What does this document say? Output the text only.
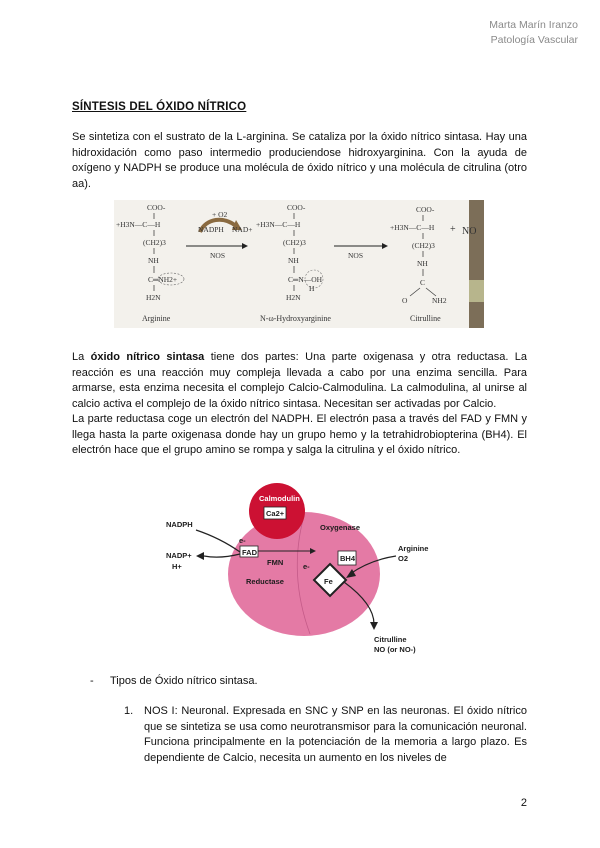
Marta Marín Iranzo
Patología Vascular
SÍNTESIS DEL ÓXIDO NÍTRICO
Se sintetiza con el sustrato de la L-arginina. Se cataliza por la óxido nítrico sintasa. Hay una hidroxidación como paso intermedio produciendose hidroxyarginina. Con la ayuda de oxígeno y NADPH se produce una molécula de óxido nítrico y una molécula de citrulina (otro aa).
COO-
+H3N—C—H
(CH2)3
NH
C═NH2+
H2N
Arginine
+ O2
NADPH NAD+
NOS
COO-
+H3N—C—H
(CH2)3
NH
C═N—OH
H
H2N
N-ω-Hydroxyarginine
NOS
COO-
+H3N—C—H
(CH2)3
NH
C
O	NH2
Citrulline
+ NO
La óxido nítrico sintasa tiene dos partes: Una parte oxigenasa y otra reductasa. La reacción es una reacción muy compleja llevada a cabo por una enzima sencilla. Para armarse, esta enzima necesita el complejo Calcio-Calmodulina. La calmodulina, al unirse al calcio activa el complejo de la óxido nítrico sintasa. Necesitan ser activadas por Calcio.
La parte reductasa coge un electrón del NADPH. El electrón pasa a través del FAD y FMN y llega hasta la parte oxigenasa donde hay un grupo hemo y la tetrahidrobiopterina (BH4). El electrón hace que el grupo amino se rompa y salga la citrulina y el óxido nítrico.
Calmodulin
Ca2+
Oxygenase
Reductase
FAD
FMN	BH4
e-
e-
Fe
NADPH
NADP+
H+
Arginine
O2
Citrulline
NO (or NO-)
- Tipos de Óxido nítrico sintasa.
1. NOS I: Neuronal. Expresada en SNC y SNP en las neuronas. El óxido nítrico que se sintetiza se usa como neurotransmisor para la comunicación neuronal. Funciona principalmente en la potenciación de la memoria a largo plazo. Es dependiente de Calcio, necesita un aumento en los niveles de
2
